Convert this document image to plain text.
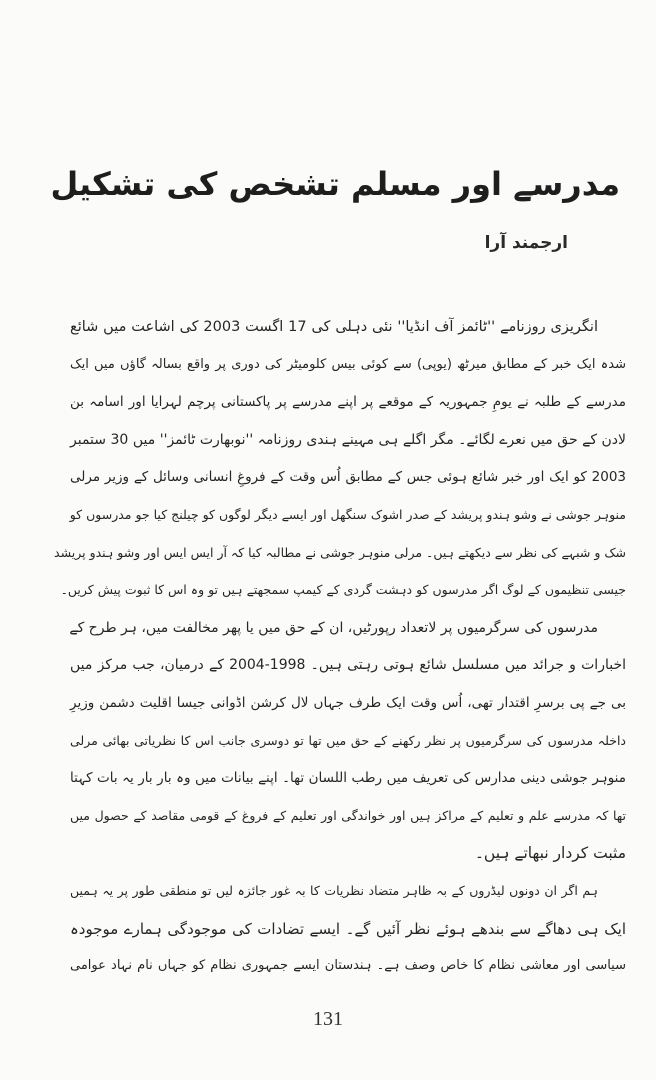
مدرسے اور مسلم تشخص کی تشکیل
ارجمند آرا
انگریزی روزنامے ''ٹائمز آف انڈیا'' نئی دہلی کی 17 اگست 2003 کی اشاعت میں شائع
شدہ ایک خبر کے مطابق میرٹھ (یوپی) سے کوئی بیس کلومیٹر کی دوری پر واقع بسالہ گاؤں میں ایک
مدرسے کے طلبہ نے یومِ جمہوریہ کے موقعے پر اپنے مدرسے پر پاکستانی پرچم لہرایا اور اسامہ بن
لادن کے حق میں نعرے لگائے۔ مگر اگلے ہی مہینے ہندی روزنامہ ''نوبھارت ٹائمز'' میں 30 ستمبر
2003 کو ایک اور خبر شائع ہوئی جس کے مطابق اُس وقت کے فروغِ انسانی وسائل کے وزیر مرلی
منوہر جوشی نے وشو ہندو پریشد کے صدر اشوک سنگھل اور ایسے دیگر لوگوں کو چیلنج کیا جو مدرسوں کو
شک و شبہے کی نظر سے دیکھتے ہیں۔ مرلی منوہر جوشی نے مطالبہ کیا کہ آر ایس ایس اور وشو ہندو پریشد
جیسی تنظیموں کے لوگ اگر مدرسوں کو دہشت گردی کے کیمپ سمجھتے ہیں تو وہ اس کا ثبوت پیش کریں۔
مدرسوں کی سرگرمیوں پر لاتعداد رپورٹیں، ان کے حق میں یا پھر مخالفت میں، ہر طرح کے
اخبارات و جرائد میں مسلسل شائع ہوتی رہتی ہیں۔ 1998-2004 کے درمیان، جب مرکز میں
بی جے پی برسرِ اقتدار تھی، اُس وقت ایک طرف جہاں لال کرشن اڈوانی جیسا اقلیت دشمن وزیرِ
داخلہ مدرسوں کی سرگرمیوں پر نظر رکھنے کے حق میں تھا تو دوسری جانب اس کا نظریاتی بھائی مرلی
منوہر جوشی دینی مدارس کی تعریف میں رطب اللسان تھا۔ اپنے بیانات میں وہ بار بار یہ بات کہتا
تھا کہ مدرسے علم و تعلیم کے مراکز ہیں اور خواندگی اور تعلیم کے فروغ کے قومی مقاصد کے حصول میں
مثبت کردار نبھاتے ہیں۔
ہم اگر ان دونوں لیڈروں کے بہ ظاہر متضاد نظریات کا بہ غور جائزہ لیں تو منطقی طور پر یہ ہمیں
ایک ہی دھاگے سے بندھے ہوئے نظر آئیں گے۔ ایسے تضادات کی موجودگی ہمارے موجودہ
سیاسی اور معاشی نظام کا خاص وصف ہے۔ ہندستان ایسے جمہوری نظام کو جہاں نام نہاد عوامی
131
